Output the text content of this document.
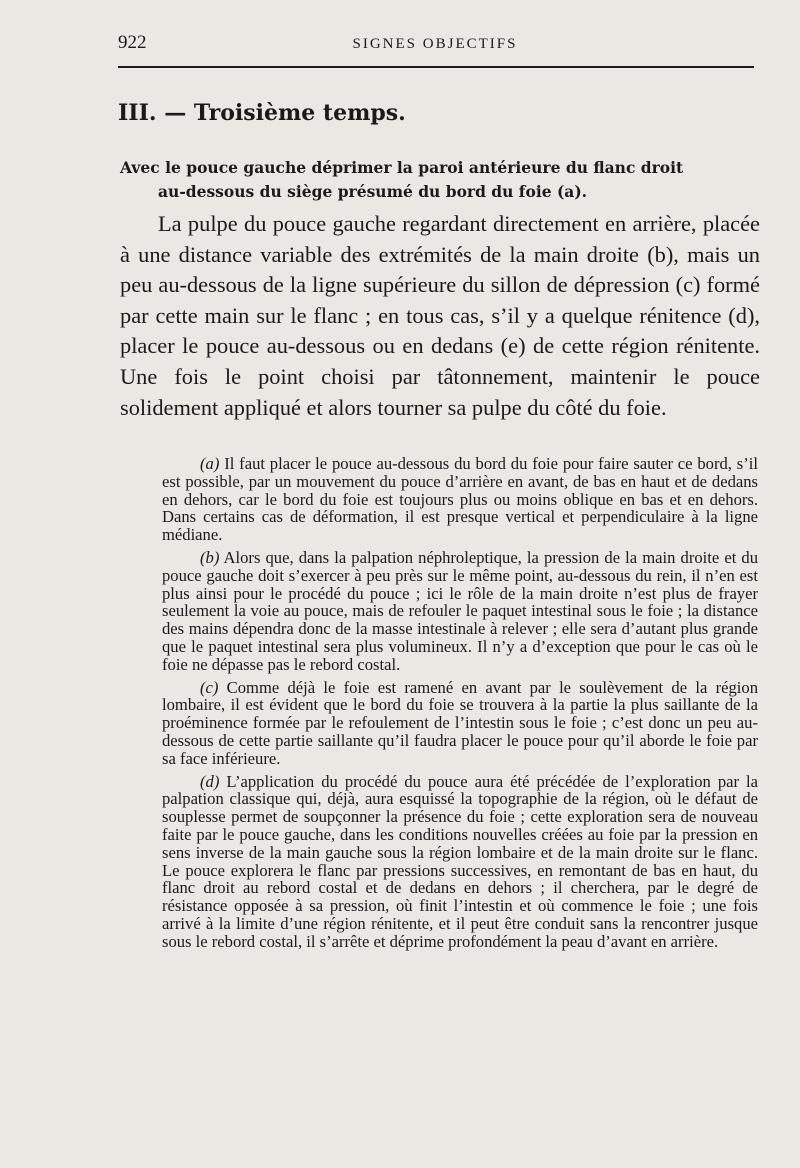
922	SIGNES OBJECTIFS
III. — Troisième temps.
Avec le pouce gauche déprimer la paroi antérieure du flanc droit
au-dessous du siège présumé du bord du foie (a).

La pulpe du pouce gauche regardant directement en arrière, placée à une distance variable des extrémités de la main droite (b), mais un peu au-dessous de la ligne supérieure du sillon de dépression (c) formé par cette main sur le flanc ; en tous cas, s’il y a quelque rénitence (d), placer le pouce au-dessous ou en dedans (e) de cette région rénitente. Une fois le point choisi par tâtonnement, maintenir le pouce solidement appliqué et alors tourner sa pulpe du côté du foie.

(a) Il faut placer le pouce au-dessous du bord du foie pour faire sauter ce bord, s’il est possible, par un mouvement du pouce d’arrière en avant, de bas en haut et de dedans en dehors, car le bord du foie est toujours plus ou moins oblique en bas et en dehors. Dans certains cas de déformation, il est presque vertical et perpendiculaire à la ligne médiane.

(b) Alors que, dans la palpation néphroleptique, la pression de la main droite et du pouce gauche doit s’exercer à peu près sur le même point, au-dessous du rein, il n’en est plus ainsi pour le procédé du pouce ; ici le rôle de la main droite n’est plus de frayer seulement la voie au pouce, mais de refouler le paquet intestinal sous le foie ; la distance des mains dépendra donc de la masse intestinale à relever ; elle sera d’autant plus grande que le paquet intestinal sera plus volumineux. Il n’y a d’exception que pour le cas où le foie ne dépasse pas le rebord costal.

(c) Comme déjà le foie est ramené en avant par le soulèvement de la région lombaire, il est évident que le bord du foie se trouvera à la partie la plus saillante de la proéminence formée par le refoulement de l’intestin sous le foie ; c’est donc un peu au-dessous de cette partie saillante qu’il faudra placer le pouce pour qu’il aborde le foie par sa face inférieure.

(d) L’application du procédé du pouce aura été précédée de l’exploration par la palpation classique qui, déjà, aura esquissé la topographie de la région, où le défaut de souplesse permet de soupçonner la présence du foie ; cette exploration sera de nouveau faite par le pouce gauche, dans les conditions nouvelles créées au foie par la pression en sens inverse de la main gauche sous la région lombaire et de la main droite sur le flanc. Le pouce explorera le flanc par pressions successives, en remontant de bas en haut, du flanc droit au rebord costal et de dedans en dehors ; il cherchera, par le degré de résistance opposée à sa pression, où finit l’intestin et où commence le foie ; une fois arrivé à la limite d’une région rénitente, et il peut être conduit sans la rencontrer jusque sous le rebord costal, il s’arrête et déprime profondément la peau d’avant en arrière.
